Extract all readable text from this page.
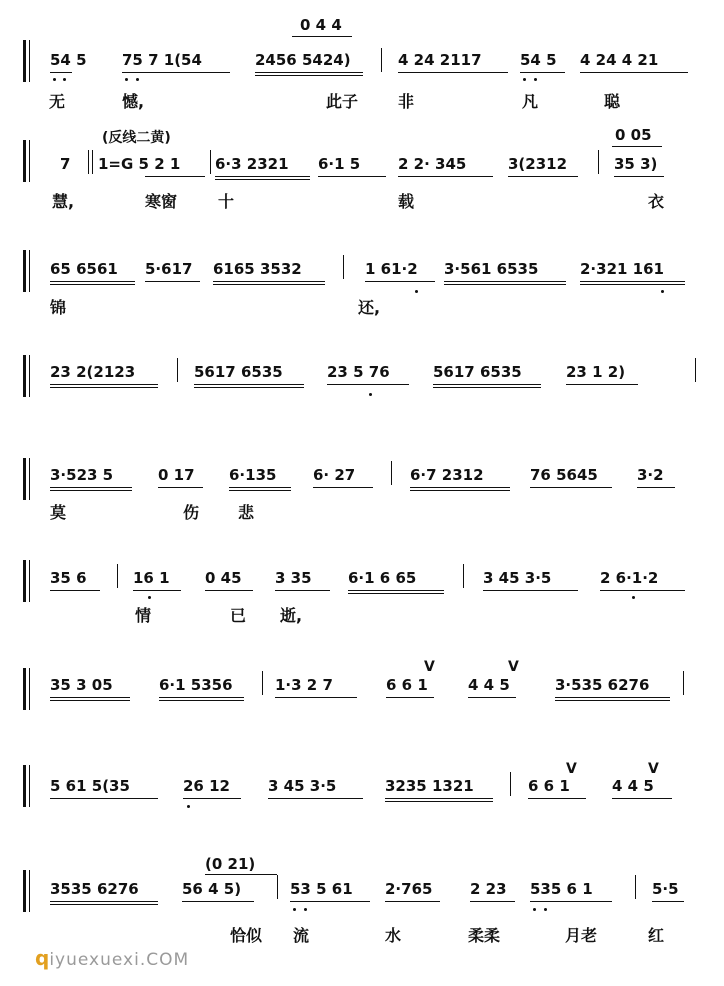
0 4 4
54 5 75 7 1(54	2456 5424)	4 24 2117	54 5 4 24 4 21
无	憾,	此子 非	凡	聪
(反线二黄)	0 05
7 1=G 5 2 1 6·3 2321 6·1 5	2 2· 345	3(2312	35 3)
慧,	寒窗	十	载	衣
65 6561 5·617 6165 3532	1 61·2 3·561 6535	2·321 161
锦	还,
23 2(2123	5617 6535	23 5 76	5617 6535	23 1 2)
3·523 5	0 17 6·135 6· 27	6·7 2312	76 5645	3·2
莫	伤 悲
35 6	16 1 0 45 3 35 6·1 6 65	3 45 3·5	2 6·1·2
情	已 逝,
V	V
35 3 05	6·1 5356	1·3 2 7	6 6 1	4 4 5	3·535 6276
V	V
5 61 5(35	26 12	3 45 3·5	3235 1321	6 6 1	4 4 5
(0 21)
3535 6276	56 4 5)	53 5 61 2·765	2 23 535 6 1	5·5
恰似 流	水	柔柔	月老	红
qiyuexuexi.COM
